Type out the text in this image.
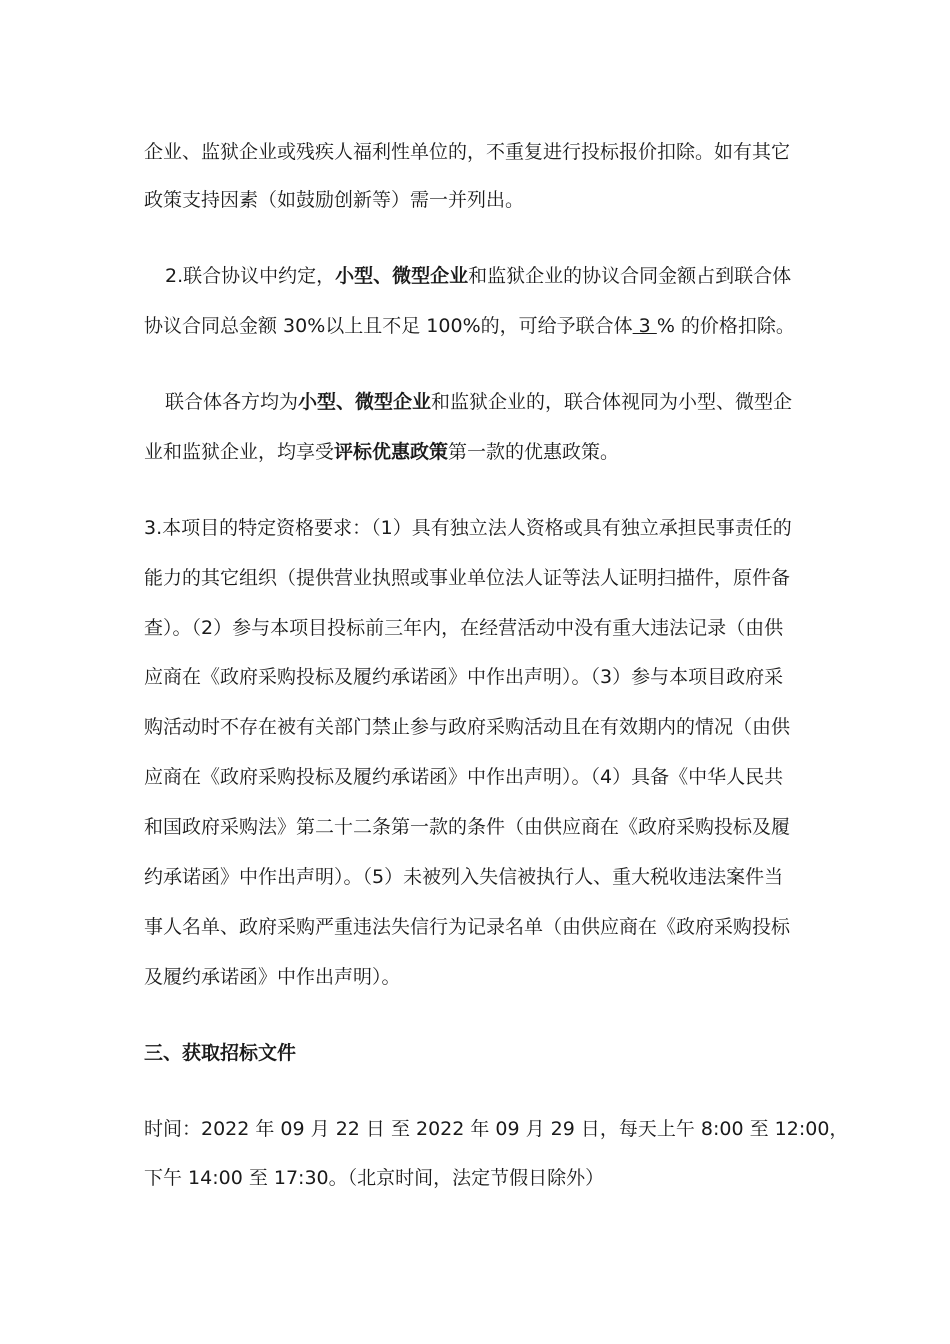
企业、监狱企业或残疾人福利性单位的，不重复进行投标报价扣除。如有其它
政策支持因素（如鼓励创新等）需一并列出。
2.联合协议中约定，小型、微型企业和监狱企业的协议合同金额占到联合体
协议合同总金额 30%以上且不足 100%的，可给予联合体 3 % 的价格扣除。
联合体各方均为小型、微型企业和监狱企业的，联合体视同为小型、微型企
业和监狱企业，均享受评标优惠政策第一款的优惠政策。
3.本项目的特定资格要求：（1）具有独立法人资格或具有独立承担民事责任的
能力的其它组织（提供营业执照或事业单位法人证等法人证明扫描件，原件备
查）。（2）参与本项目投标前三年内，在经营活动中没有重大违法记录（由供
应商在《政府采购投标及履约承诺函》中作出声明）。（3）参与本项目政府采
购活动时不存在被有关部门禁止参与政府采购活动且在有效期内的情况（由供
应商在《政府采购投标及履约承诺函》中作出声明）。（4）具备《中华人民共
和国政府采购法》第二十二条第一款的条件（由供应商在《政府采购投标及履
约承诺函》中作出声明）。（5）未被列入失信被执行人、重大税收违法案件当
事人名单、政府采购严重违法失信行为记录名单（由供应商在《政府采购投标
及履约承诺函》中作出声明）。
三、获取招标文件
时间：2022 年 09 月 22 日 至 2022 年 09 月 29 日，每天上午 8:00 至 12:00，
下午 14:00 至 17:30。（北京时间，法定节假日除外）
